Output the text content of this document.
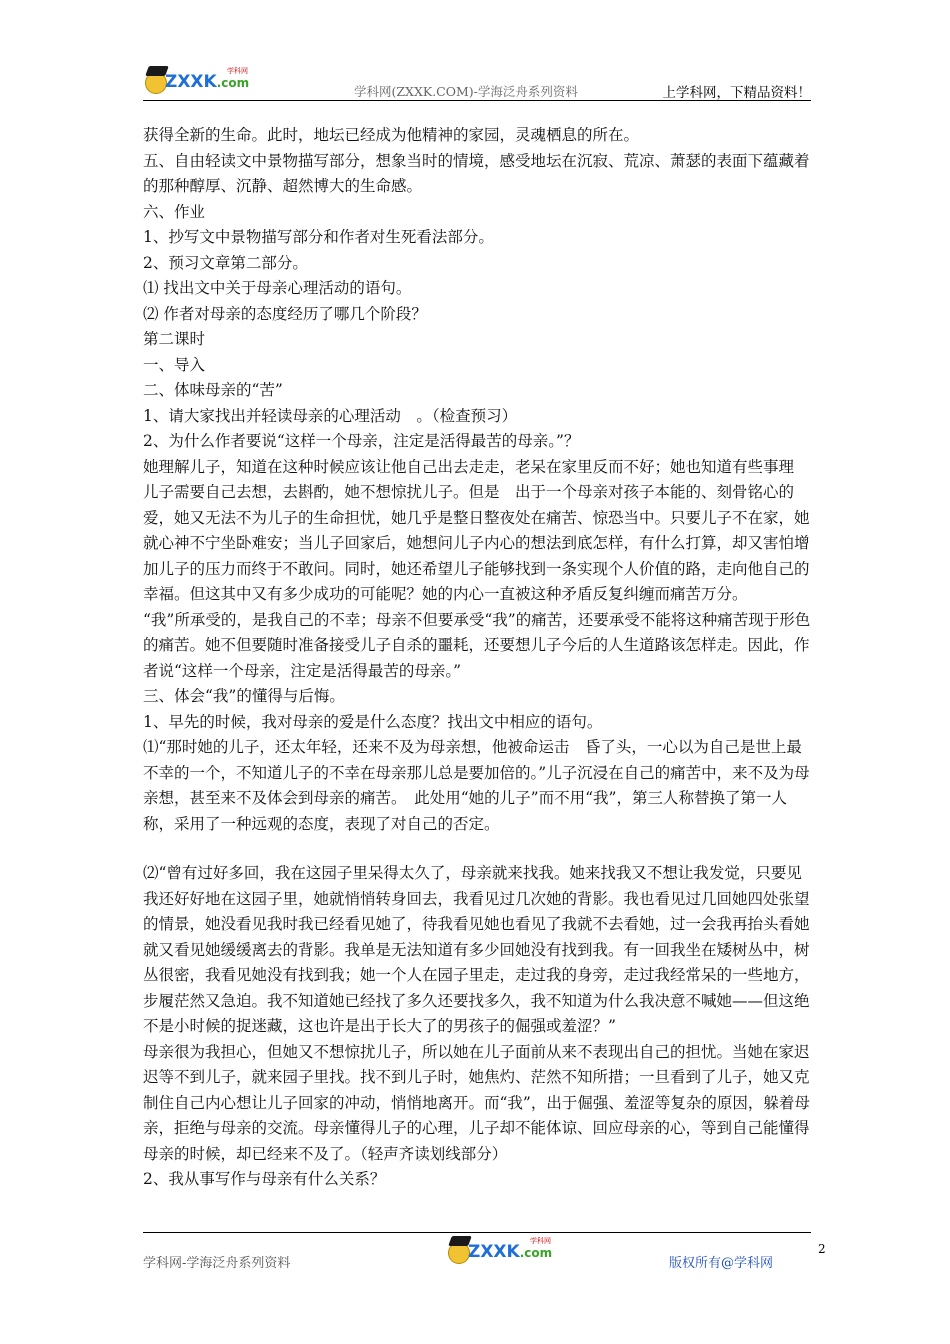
ZXXK.com
学科网
学科网(ZXXK.COM)-学海泛舟系列资料	上学科网，下精品资料！

获得全新的生命。此时，地坛已经成为他精神的家园，灵魂栖息的所在。

五、自由轻读文中景物描写部分，想象当时的情境，感受地坛在沉寂、荒凉、萧瑟的表面下蕴藏着的那种醇厚、沉静、超然博大的生命感。

六、作业

1、抄写文中景物描写部分和作者对生死看法部分。

2、预习文章第二部分。

⑴ 找出文中关于母亲心理活动的语句。

⑵ 作者对母亲的态度经历了哪几个阶段？

第二课时

一、导入

二、体味母亲的“苦”

1、请大家找出并轻读母亲的心理活动　。（检查预习）

2、为什么作者要说“这样一个母亲，注定是活得最苦的母亲。”？

她理解儿子，知道在这种时候应该让他自己出去走走，老呆在家里反而不好；她也知道有些事理　儿子需要自己去想，去斟酌，她不想惊扰儿子。但是　出于一个母亲对孩子本能的、刻骨铭心的爱，她又无法不为儿子的生命担忧，她几乎是整日整夜处在痛苦、惊恐当中。只要儿子不在家，她就心神不宁坐卧难安；当儿子回家后，她想问儿子内心的想法到底怎样，有什么打算，却又害怕增加儿子的压力而终于不敢问。同时，她还希望儿子能够找到一条实现个人价值的路，走向他自己的幸福。但这其中又有多少成功的可能呢？她的内心一直被这种矛盾反复纠缠而痛苦万分。

“我”所承受的，是我自己的不幸；母亲不但要承受“我”的痛苦，还要承受不能将这种痛苦现于形色的痛苦。她不但要随时准备接受儿子自杀的噩耗，还要想儿子今后的人生道路该怎样走。因此，作者说“这样一个母亲，注定是活得最苦的母亲。”

三、体会“我”的懂得与后悔。

1、早先的时候，我对母亲的爱是什么态度？找出文中相应的语句。

⑴“那时她的儿子，还太年轻，还来不及为母亲想，他被命运击　昏了头，一心以为自己是世上最不幸的一个，不知道儿子的不幸在母亲那儿总是要加倍的。”儿子沉浸在自己的痛苦中，来不及为母亲想，甚至来不及体会到母亲的痛苦。　此处用“她的儿子”而不用“我”，第三人称替换了第一人称，采用了一种远观的态度，表现了对自己的否定。

⑵“曾有过好多回，我在这园子里呆得太久了，母亲就来找我。她来找我又不想让我发觉，只要见我还好好地在这园子里，她就悄悄转身回去，我看见过几次她的背影。我也看见过几回她四处张望的情景，她没看见我时我已经看见她了，待我看见她也看见了我就不去看她，过一会我再抬头看她就又看见她缓缓离去的背影。我单是无法知道有多少回她没有找到我。有一回我坐在矮树丛中，树丛很密，我看见她没有找到我；她一个人在园子里走，走过我的身旁，走过我经常呆的一些地方，步履茫然又急迫。我不知道她已经找了多久还要找多久，我不知道为什么我决意不喊她——但这绝不是小时候的捉迷藏，这也许是出于长大了的男孩子的倔强或羞涩？”

母亲很为我担心，但她又不想惊扰儿子，所以她在儿子面前从来不表现出自己的担忧。当她在家迟迟等不到儿子，就来园子里找。找不到儿子时，她焦灼、茫然不知所措；一旦看到了儿子，她又克制住自己内心想让儿子回家的冲动，悄悄地离开。而“我”，出于倔强、羞涩等复杂的原因，躲着母亲，拒绝与母亲的交流。母亲懂得儿子的心理，儿子却不能体谅、回应母亲的心，等到自己能懂得母亲的时候，却已经来不及了。（轻声齐读划线部分）

2、我从事写作与母亲有什么关系？

学科网-学海泛舟系列资料
ZXXK.com
学科网
版权所有@学科网
2
